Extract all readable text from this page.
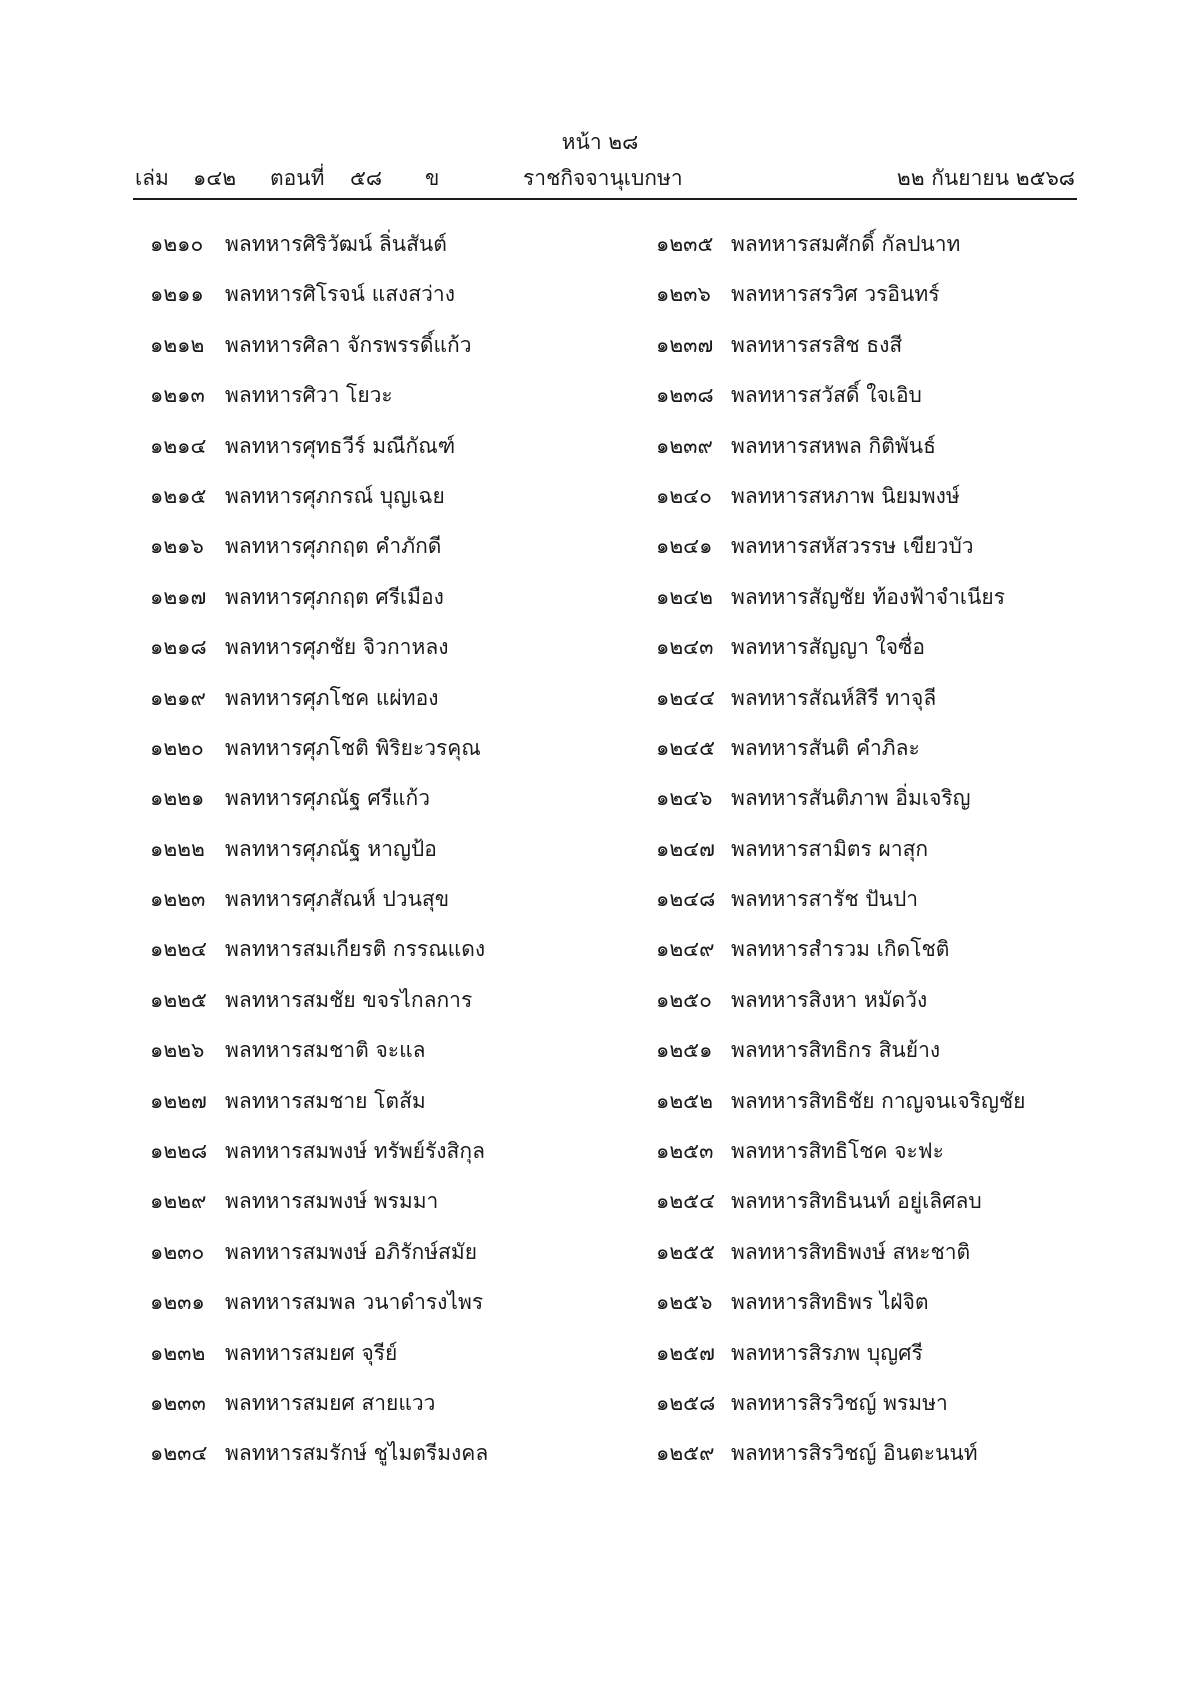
หน้า ๒๘
เล่ม ๑๔๒ ตอนที่ ๕๘ ข	ราชกิจจานุเบกษา	๒๒ กันยายน ๒๕๖๘
๑๒๑๐	พลทหารศิริวัฒน์ ลิ่นสันต์
๑๒๑๑	พลทหารศิโรจน์ แสงสว่าง
๑๒๑๒ พลทหารศิลา จักรพรรดิ์แก้ว
๑๒๑๓ พลทหารศิวา โยวะ
๑๒๑๔ พลทหารศุทธวีร์ มณีกัณฑ์
๑๒๑๕ พลทหารศุภกรณ์ บุญเฉย
๑๒๑๖	พลทหารศุภกฤต คำภักดี
๑๒๑๗ พลทหารศุภกฤต ศรีเมือง
๑๒๑๘ พลทหารศุภชัย จิวกาหลง
๑๒๑๙ พลทหารศุภโชค แผ่ทอง
๑๒๒๐	พลทหารศุภโชติ พิริยะวรคุณ
๑๒๒๑ พลทหารศุภณัฐ ศรีแก้ว
๑๒๒๒ พลทหารศุภณัฐ หาญป้อ
๑๒๒๓ พลทหารศุภสัณห์ ปวนสุข
๑๒๒๔ พลทหารสมเกียรติ กรรณแดง
๑๒๒๕ พลทหารสมชัย ขจรไกลการ
๑๒๒๖ พลทหารสมชาติ จะแล
๑๒๒๗ พลทหารสมชาย โตส้ม
๑๒๒๘ พลทหารสมพงษ์ ทรัพย์รังสิกุล
๑๒๒๙ พลทหารสมพงษ์ พรมมา
๑๒๓๐ พลทหารสมพงษ์ อภิรักษ์สมัย
๑๒๓๑ พลทหารสมพล วนาดำรงไพร
๑๒๓๒ พลทหารสมยศ จุรีย์
๑๒๓๓ พลทหารสมยศ สายแวว
๑๒๓๔ พลทหารสมรักษ์ ชูไมตรีมงคล
๑๒๓๕ พลทหารสมศักดิ์ กัลปนาท
๑๒๓๖ พลทหารสรวิศ วรอินทร์
๑๒๓๗ พลทหารสรสิช ธงสี
๑๒๓๘ พลทหารสวัสดิ์ ใจเอิบ
๑๒๓๙ พลทหารสหพล กิติพันธ์
๑๒๔๐ พลทหารสหภาพ นิยมพงษ์
๑๒๔๑ พลทหารสหัสวรรษ เขียวบัว
๑๒๔๒ พลทหารสัญชัย ท้องฟ้าจำเนียร
๑๒๔๓ พลทหารสัญญา ใจซื่อ
๑๒๔๔ พลทหารสัณห์สิรี ทาจุลี
๑๒๔๕ พลทหารสันติ คำภิละ
๑๒๔๖ พลทหารสันติภาพ อิ่มเจริญ
๑๒๔๗ พลทหารสามิตร ผาสุก
๑๒๔๘ พลทหารสารัช ปันปา
๑๒๔๙ พลทหารสำรวม เกิดโชติ
๑๒๕๐ พลทหารสิงหา หมัดวัง
๑๒๕๑ พลทหารสิทธิกร สินย้าง
๑๒๕๒ พลทหารสิทธิชัย กาญจนเจริญชัย
๑๒๕๓ พลทหารสิทธิโชค จะฟะ
๑๒๕๔ พลทหารสิทธินนท์ อยู่เลิศลบ
๑๒๕๕ พลทหารสิทธิพงษ์ สหะชาติ
๑๒๕๖ พลทหารสิทธิพร ไฝ่จิต
๑๒๕๗ พลทหารสิรภพ บุญศรี
๑๒๕๘ พลทหารสิรวิชญ์ พรมษา
๑๒๕๙ พลทหารสิรวิชญ์ อินตะนนท์
